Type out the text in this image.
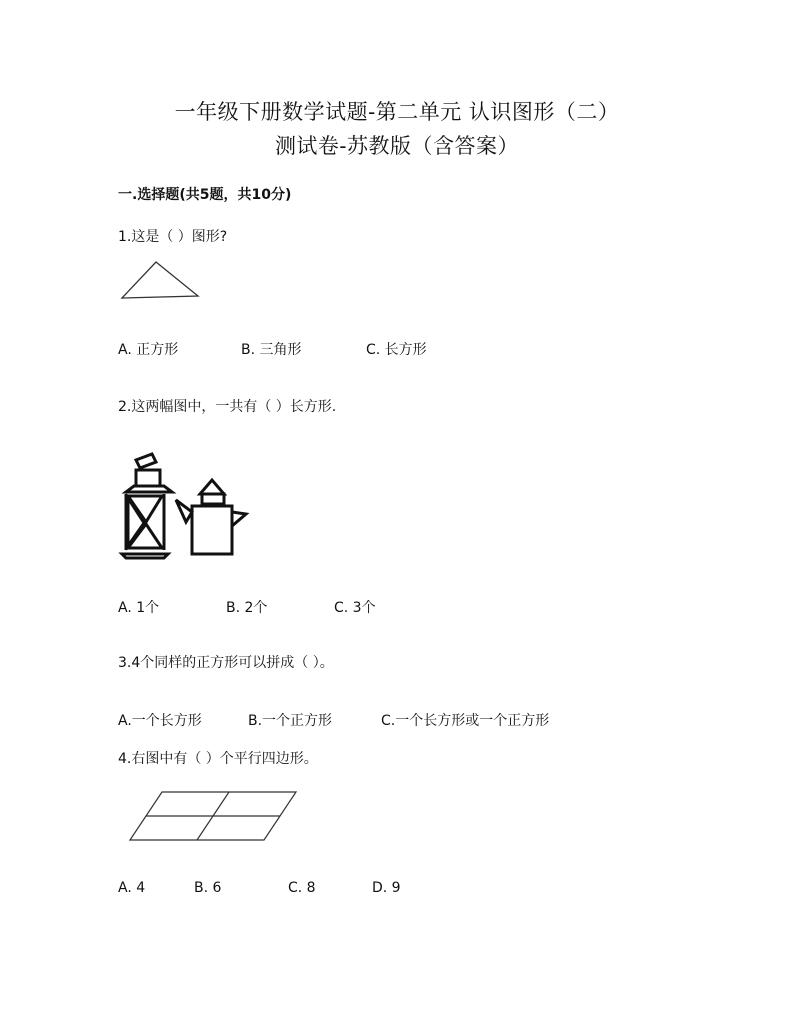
一年级下册数学试题-第二单元 认识图形（二）
测试卷-苏教版（含答案）
一.选择题(共5题，共10分)
1.这是（ ）图形?
A. 正方形	B. 三角形	C. 长方形
2.这两幅图中，一共有（ ）长方形.
A. 1个	B. 2个	C. 3个
3.4个同样的正方形可以拼成（ ）。
A.一个长方形	B.一个正方形	C.一个长方形或一个正方形
4.右图中有（ ）个平行四边形。
A. 4	B. 6	C. 8	D. 9
